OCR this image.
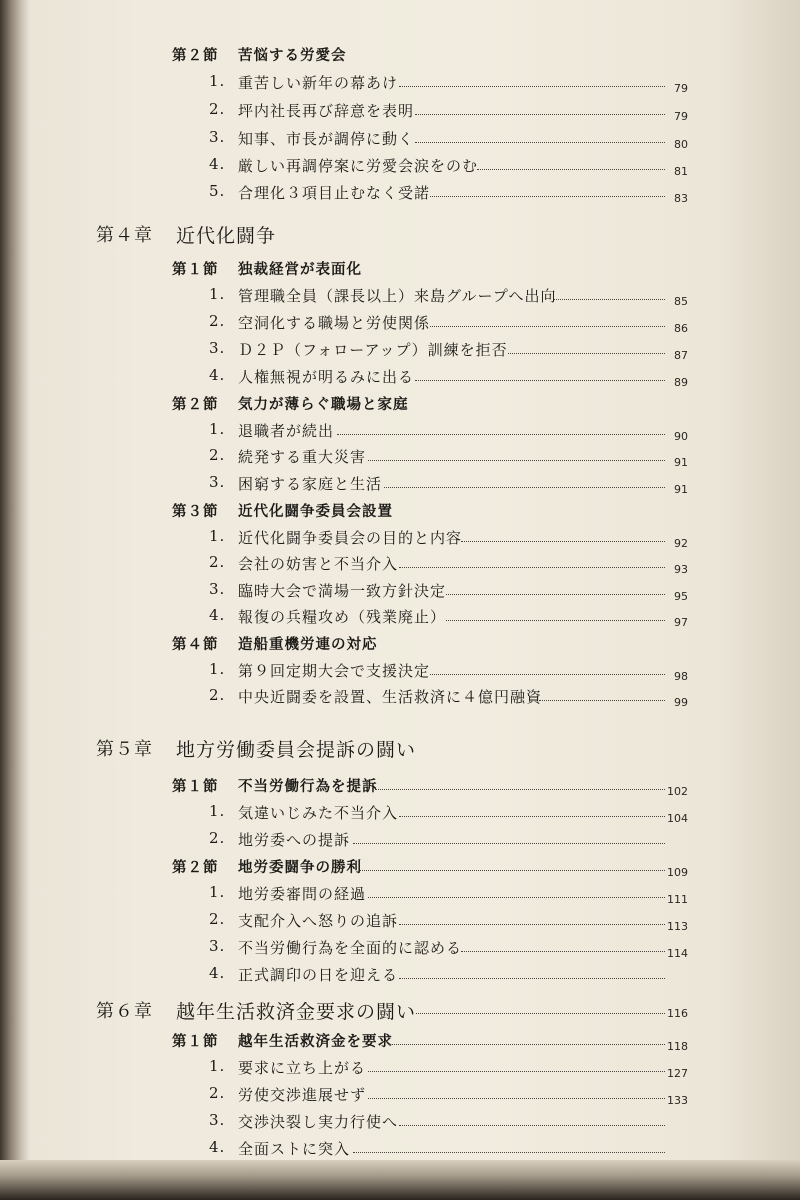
第２節 苦悩する労愛会
1. 重苦しい新年の幕あけ	79
2. 坪内社長再び辞意を表明	79
3. 知事、市長が調停に動く	80
4. 厳しい再調停案に労愛会涙をのむ	81
5. 合理化３項目止むなく受諾	83
第４章 近代化闘争
第１節 独裁経営が表面化
1. 管理職全員（課長以上）来島グループへ出向	85
2. 空洞化する職場と労使関係	86
3. Ｄ２Ｐ（フォローアップ）訓練を拒否	87
4. 人権無視が明るみに出る	89
第２節 気力が薄らぐ職場と家庭
1. 退職者が続出	90
2. 続発する重大災害	91
3. 困窮する家庭と生活	91
第３節 近代化闘争委員会設置
1. 近代化闘争委員会の目的と内容	92
2. 会社の妨害と不当介入	93
3. 臨時大会で満場一致方針決定	95
4. 報復の兵糧攻め（残業廃止）	97
第４節 造船重機労連の対応
1. 第９回定期大会で支援決定	98
2. 中央近闘委を設置、生活救済に４億円融資	99
第５章 地方労働委員会提訴の闘い
第１節 不当労働行為を提訴	102
1. 気違いじみた不当介入	104
2. 地労委への提訴
第２節 地労委闘争の勝利	109
1. 地労委審問の経過	111
2. 支配介入へ怒りの追訴	113
3. 不当労働行為を全面的に認める	114
4. 正式調印の日を迎える
第６章 越年生活救済金要求の闘い	116
第１節 越年生活救済金を要求	118
1. 要求に立ち上がる	127
2. 労使交渉進展せず	133
3. 交渉決裂し実力行使へ
4. 全面ストに突入
